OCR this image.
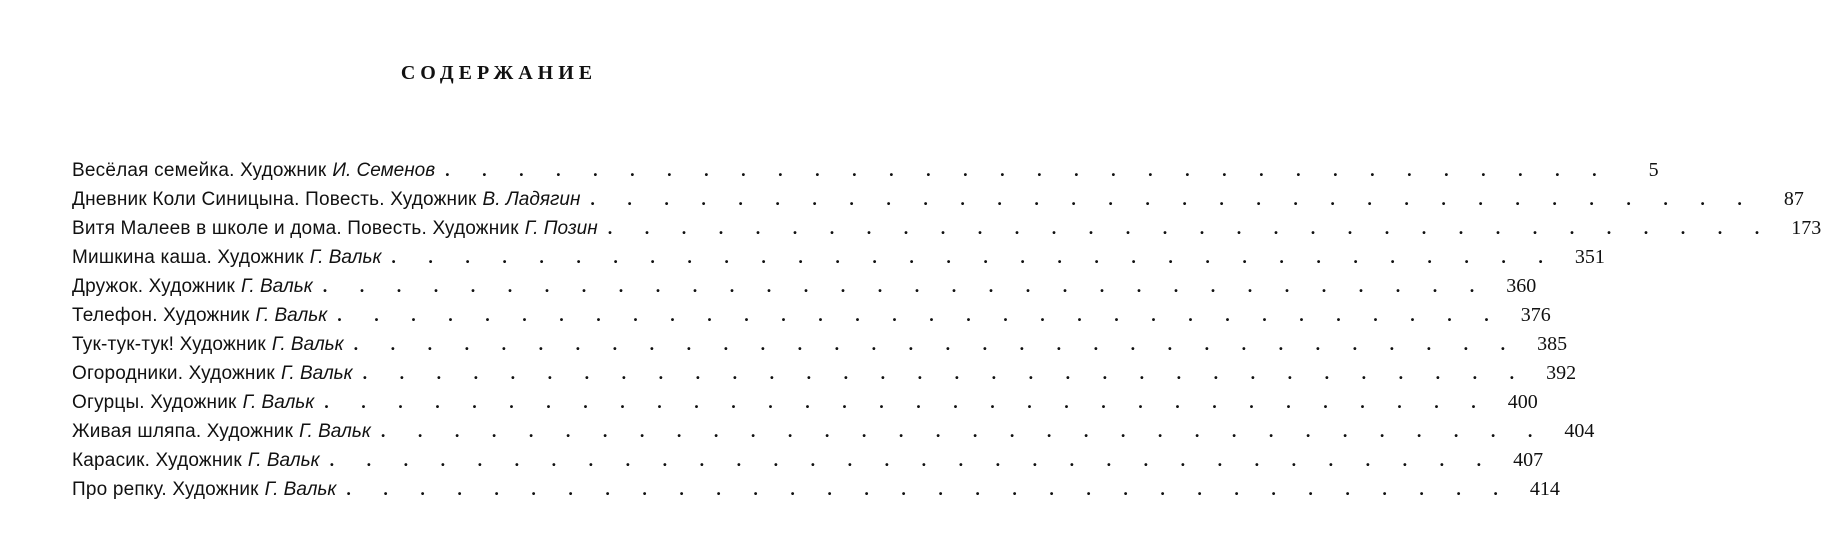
СОДЕРЖАНИЕ
Весёлая семейка. Художник И. Семенов . . . . . . . . . . . . . . . . . . . . . . . . . . . . . . . .	5
Дневник Коли Синицына. Повесть. Художник В. Ладягин . . . . . . . . . . . . . . . . . . . . . . . . . . . . . . . .	87
Витя Малеев в школе и дома. Повесть. Художник Г. Позин . . . . . . . . . . . . . . . . . . . . . . . . . . . . . . . . 173
Мишкина каша. Художник Г. Вальк . . . . . . . . . . . . . . . . . . . . . . . . . . . . . . . . 351
Дружок. Художник Г. Вальк . . . . . . . . . . . . . . . . . . . . . . . . . . . . . . . . 360
Телефон. Художник Г. Вальк . . . . . . . . . . . . . . . . . . . . . . . . . . . . . . . . 376
Тук-тук-тук! Художник Г. Вальк . . . . . . . . . . . . . . . . . . . . . . . . . . . . . . . . 385
Огородники. Художник Г. Вальк . . . . . . . . . . . . . . . . . . . . . . . . . . . . . . . . 392
Огурцы. Художник Г. Вальк . . . . . . . . . . . . . . . . . . . . . . . . . . . . . . . . 400
Живая шляпа. Художник Г. Вальк . . . . . . . . . . . . . . . . . . . . . . . . . . . . . . . . 404
Карасик. Художник Г. Вальк . . . . . . . . . . . . . . . . . . . . . . . . . . . . . . . . 407
Про репку. Художник Г. Вальк . . . . . . . . . . . . . . . . . . . . . . . . . . . . . . . . 414
